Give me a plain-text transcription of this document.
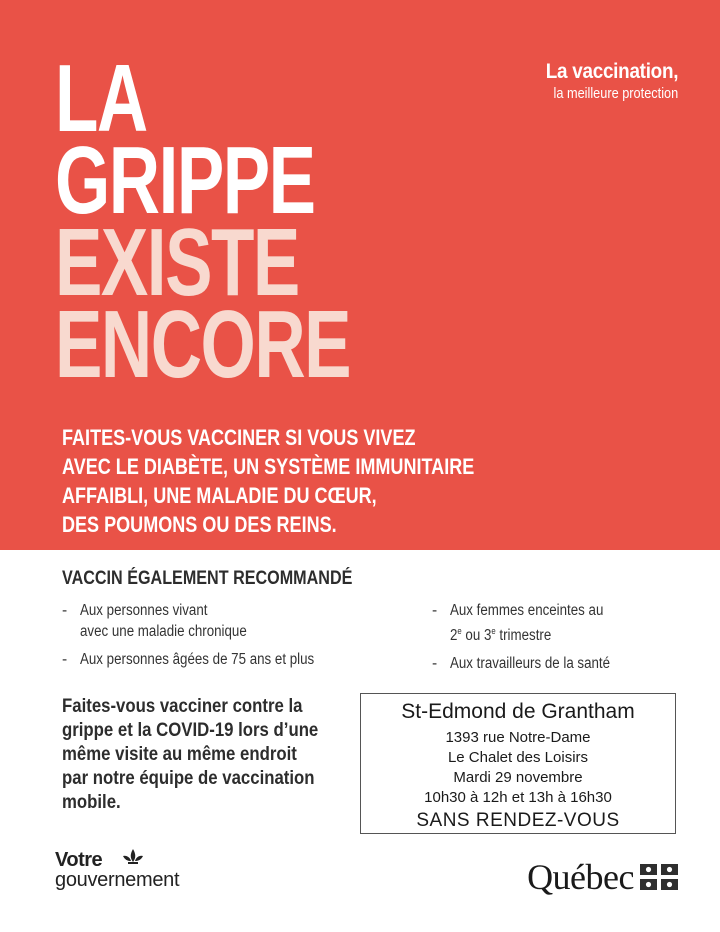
La vaccination,
la meilleure protection
LA
GRIPPE
EXISTE
ENCORE
FAITES-VOUS VACCINER SI VOUS VIVEZ
AVEC LE DIABÈTE, UN SYSTÈME IMMUNITAIRE
AFFAIBLI, UNE MALADIE DU CŒUR,
DES POUMONS OU DES REINS.
VACCIN ÉGALEMENT RECOMMANDÉ
- Aux personnes vivant
avec une maladie chronique
- Aux personnes âgées de 75 ans et plus
- Aux femmes enceintes au
2e ou 3e trimestre
- Aux travailleurs de la santé
Faites-vous vacciner contre la
grippe et la COVID-19 lors d’une
même visite au même endroit
par notre équipe de vaccination
mobile.
St-Edmond de Grantham
1393 rue Notre-Dame
Le Chalet des Loisirs
Mardi 29 novembre
10h30 à 12h et 13h à 16h30
SANS RENDEZ-VOUS
Votre
gouvernement	Québec
